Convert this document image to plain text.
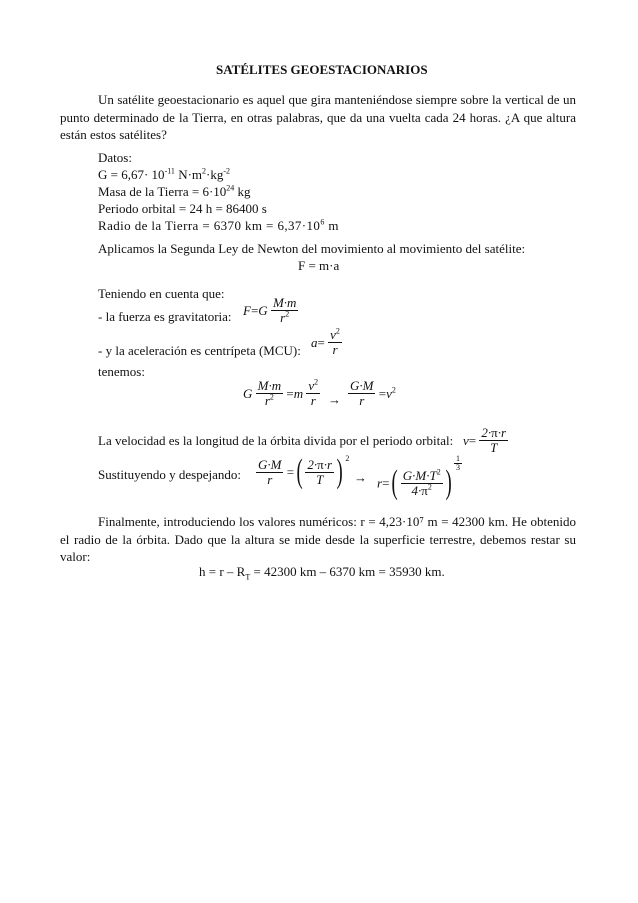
SATÉLITES GEOESTACIONARIOS
Un satélite geoestacionario es aquel que gira manteniéndose siempre sobre la vertical de un punto determinado de la Tierra, en otras palabras, que da una vuelta cada 24 horas. ¿A que altura están estos satélites?
Datos:
$G = 6,67\cdot 10^{-11}$ $N\cdot m^2\cdot kg^{-2}$
Masa de la Tierra = $6\cdot 10^{24}$ kg
Periodo orbital = 24 h = 86400 s
Radio de la Tierra = 6370 km = $6,37\cdot 10^6$ m
Aplicamos la Segunda Ley de Newton del movimiento al movimiento del satélite:
F = m·a
Teniendo en cuenta que:
- la fuerza es gravitatoria: $F=G \frac{M\cdot m}{r^2}$
- y la aceleración es centrípeta (MCU):
$a= \frac{v^2}{r}$
tenemos:
G $\frac{M\cdot m}{r^2} =m \frac{v^2}{r} \to \frac{G\cdot M}{r} =v^2$
La velocidad es la longitud de la órbita divida por el periodo orbital: $v= \frac{2\cdot\pi\cdot r}{T}$
Sustituyendo y despejando: $\frac{G\cdot M}{r}$ =( $\frac{2\cdot\pi\cdot r}{T}$ ) $^2$
→ $r=( \frac{G\cdot M\cdot T^2}{4\cdot\pi^2}$ )
$\frac{1}{3}$
Finalmente, introduciendo los valores numéricos: r = 4,23·10⁷ m = 42300 km. He obtenido el radio de la órbita. Dado que la altura se mide desde la superficie terrestre, debemos restar su valor:
$h = r - R_T = 42300$ km – 6370 km = 35930 km.
